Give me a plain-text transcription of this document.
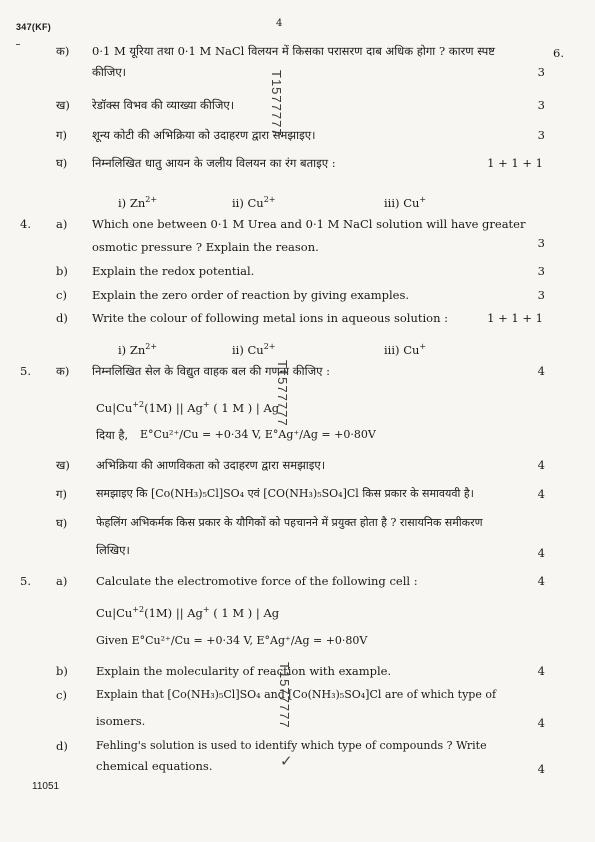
347(KF)	4
क) 0·1 M यूरिया तथा 0·1 M NaCl विलयन में किसका परासरण दाब अधिक होगा ? कारण स्पष्ट	6.
कीजिए।	3
ख) रेडॉक्स विभव की व्याख्या कीजिए।	3
ग) शून्य कोटी की अभिक्रिया को उदाहरण द्वारा समझाइए।	3
घ) निम्नलिखित धातु आयन के जलीय विलयन का रंग बताइए :	1 + 1 + 1
i) $Zn^{2+}$	ii) $Cu^{2+}$	iii) Cu+
4. a) Which one between 0·1 M Urea and 0·1 M NaCl solution will have greater
osmotic pressure ? Explain the reason.	3
b) Explain the redox potential.	3
c) Explain the zero order of reaction by giving examples.	3
d) Write the colour of following metal ions in aqueous solution :	1 + 1 + 1
i) $Zn^{2+}$	ii) $Cu^{2+}$	iii) Cu+
5. क) निम्नलिखित सेल के विद्युत वाहक बल की गणना कीजिए :	4
$Cu|Cu^{+2}(1M)$ || Ag+ ( 1 M ) | Ag
दिया है, E°Cu²⁺/Cu = +0·34 V, E°Ag⁺/Ag = +0·80V
ख) अभिक्रिया की आणविकता को उदाहरण द्वारा समझाइए।	4
ग)	समझाइए कि [Co(NH₃)₅Cl]SO₄ एवं [CO(NH₃)₅SO₄]Cl किस प्रकार के समावयवी है।	4
घ)	फेहलिंग अभिकर्मक किस प्रकार के यौगिकों को पहचानने में प्रयुक्त होता है ? रासायनिक समीकरण
लिखिए।	4
5. a) Calculate the electromotive force of the following cell :	4
$Cu|Cu^{+2}(1M)$ || Ag+ ( 1 M ) | Ag
Given E°Cu²⁺/Cu = +0·34 V, E°Ag⁺/Ag = +0·80V
b) Explain the molecularity of reaction with example.	4
c)	Explain that [Co(NH₃)₅Cl]SO₄ and [Co(NH₃)₅SO₄]Cl are of which type of
isomers.	4
d)	Fehling's solution is used to identify which type of compounds ? Write
chemical equations.	4
T1577777
T1577777
T1577777
✓
11051
